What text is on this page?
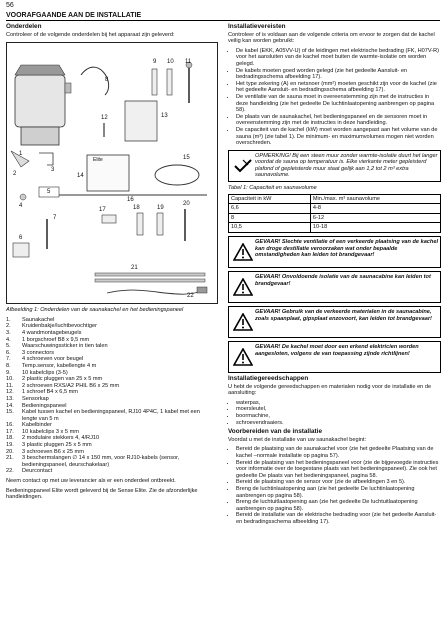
56
VOORAFGAANDE AAN DE INSTALLATIE
Onderdelen

Controleer of de volgende onderdelen bij het apparaat zijn geleverd:

1
2
3
4
5
6
7
8
9 10 11
12	13
14
15
16
17	18	19
20
21
22
Elite
Afbeelding 1: Onderdelen van de saunakachel en het bedieningspaneel
1.	Saunakachel
2.	Kruidenbakje/luchtbevochtiger
3.	4 wandmontagebeugels
4.	1 borgschroef B8 x 9,5 mm
5.	Waarschuwingssticker in tien talen
6.	3 connectors
7.	4 schroeven voor beugel
8.	Temp.sensor, kabellengte 4 m
9.	10 kabelclips (3-5)
10.	2 plastic pluggen van 25 x 5 mm
11.	2 schroeven RXS/A2 PHIL B6 x 25 mm
12.	1 schroef B4 x 6,5 mm
13.	Sensorkap
14.	Bedieningspaneel
15.	Kabel tussen kachel en bedieningspaneel, RJ10 4P4C, 1 kabel met een lengte van 5 m
16.	Kabelbinder
17.	10 kabelclips 3 x 5 mm
18.	2 modulaire stekkers 4, 4/RJ10
19.	3 plastic pluggen 25 x 5 mm
20.	3 schroeven B6 x 25 mm
21.	3 beschermslangen ∅ 14 x 150 mm, voor RJ10-kabels (sensor, bedieningspaneel, deurschakelaar)
22.	Deurcontact

Neem contact op met uw leverancier als er een onderdeel ontbreekt.

Bedieningspaneel Elite wordt geleverd bij de Sense Elite. Zie de afzonderlijke handleidingen.

Installatievereisten

Controleer of is voldaan aan de volgende criteria om ervoor te zorgen dat de kachel veilig kan worden gebruikt:

• De kabel (EKK, A05VV-U) of de leidingen met elektrische bedrading (FK, H07V-R) voor het aansluiten van de kachel moet buiten de warmte-isolatie om worden gelegd.
• De kabels moeten goed worden gelegd (zie het gedeelte Aansluit- en bedradingsschema afbeelding 17).
• Het type zekering (A) en netsnoer (mm²) moeten geschikt zijn voor de kachel (zie het gedeelte Aansluit- en bedradingsschema afbeelding 17).
• De ventilatie van de sauna moet in overeenstemming zijn met de instructies in deze handleiding (zie het gedeelte De luchtinlaatopening aanbrengen op pagina 58).
• De plaats van de saunakachel, het bedieningspaneel en de sensoren moet in overeenstemming zijn met de instructies in deze handleiding.
• De capaciteit van de kachel (kW) moet worden aangepast aan het volume van de sauna (m³) (zie tabel 1). De minimum- en maximumvolumes mogen niet worden overschreden.
OPMERKING! Bij een steen muur zonder warmte-isolatie duurt het langer voordat de sauna op temperatuur is. Elke vierkante meter gepleisterd plafond of gepleisterde muur staat gelijk aan 1,2 tot 2 m³ extra saunavolume.
Tabel 1: Capaciteit en saunavolume
Capaciteit in kW	Min./max. m³ saunavolume
6,6	4-8
8	6-12
10,5	10-18
GEVAAR! Slechte ventilatie of een verkeerde plaatsing van de kachel kan droge destillatie veroorzaken wat onder bepaalde omstandigheden kan leiden tot brandgevaar!
GEVAAR! Onvoldoende isolatie van de saunacabine kan leiden tot brandgevaar!
GEVAAR! Gebruik van de verkeerde materialen in de saunacabine, zoals spaanplaat, gipsplaat enzovoort, kan leiden tot brandgevaar!
GEVAAR! De kachel moet door een erkend elektricien worden aangesloten, volgens de van toepassing zijnde richtlijnen!
Installatiegereedschappen

U hebt de volgende gereedschappen en materialen nodig voor de installatie en de aansluiting:

• waterpas,
• moersleutel,
• boormachine,
• schroevendraaiers.
Voorbereiden van de installatie

Voordat u met de installatie van uw saunakachel begint:

• Bereid de plaatsing van de saunakachel voor (zie het gedeelte Plaatsing van de kachel –normale installatie op pagina 57).
• Bereid de plaatsing van het bedieningspaneel voor (zie de bijgevoegde instructies voor informatie over de toegestane plaats van het bedieningspaneel). Zie ook het gedeelte De plaats van het bedieningspaneel, pagina 58.
• Bereid de plaatsing van de sensor voor (zie de afbeeldingen 3 en 5).
• Breng de luchtinlaatopening aan (zie het gedeelte De luchtinlaatopening aanbrengen op pagina 58).
• Breng de luchtuitlaatopening aan (zie het gedeelte De luchtuitlaatopening aanbrengen op pagina 58).
• Bereid de installatie van de elektrische bedrading voor (zie het gedeelte Aansluit- en bedradingsschema afbeelding 17).
